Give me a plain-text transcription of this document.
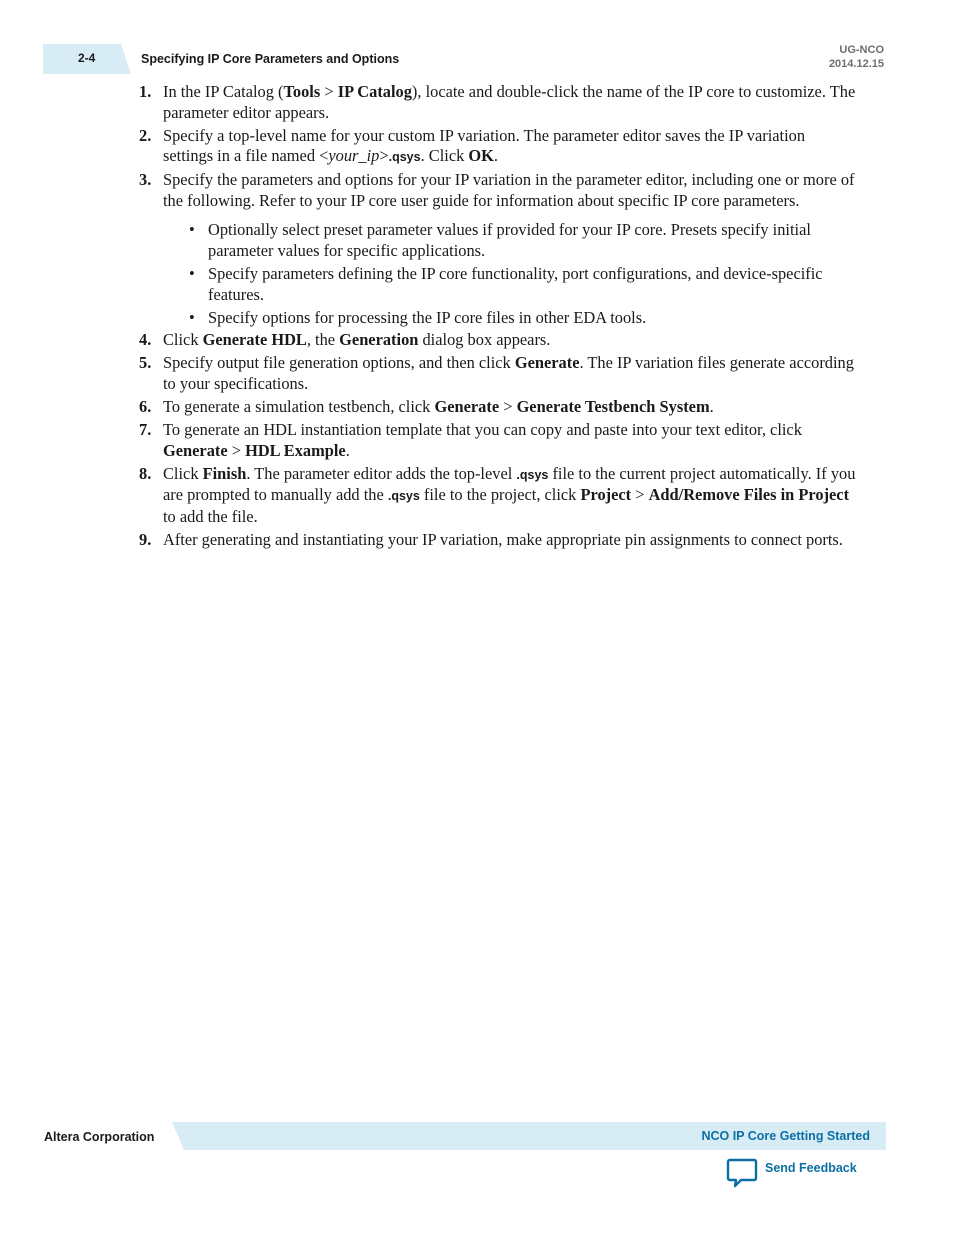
2-4	Specifying IP Core Parameters and Options
UG-NCO
2014.12.15
1. In the IP Catalog (Tools > IP Catalog), locate and double-click the name of the IP core to customize. The parameter editor appears.
2. Specify a top-level name for your custom IP variation. The parameter editor saves the IP variation settings in a file named <your_ip>.qsys. Click OK.
3. Specify the parameters and options for your IP variation in the parameter editor, including one or more of the following. Refer to your IP core user guide for information about specific IP core parameters.
• Optionally select preset parameter values if provided for your IP core. Presets specify initial parameter values for specific applications.
• Specify parameters defining the IP core functionality, port configurations, and device-specific features.
• Specify options for processing the IP core files in other EDA tools.
4. Click Generate HDL, the Generation dialog box appears.
5. Specify output file generation options, and then click Generate. The IP variation files generate according to your specifications.
6. To generate a simulation testbench, click Generate > Generate Testbench System.
7. To generate an HDL instantiation template that you can copy and paste into your text editor, click Generate > HDL Example.
8. Click Finish. The parameter editor adds the top-level .qsys file to the current project automatically. If you are prompted to manually add the .qsys file to the project, click Project > Add/Remove Files in Project to add the file.
9. After generating and instantiating your IP variation, make appropriate pin assignments to connect ports.
Altera Corporation	NCO IP Core Getting Started
Send Feedback
